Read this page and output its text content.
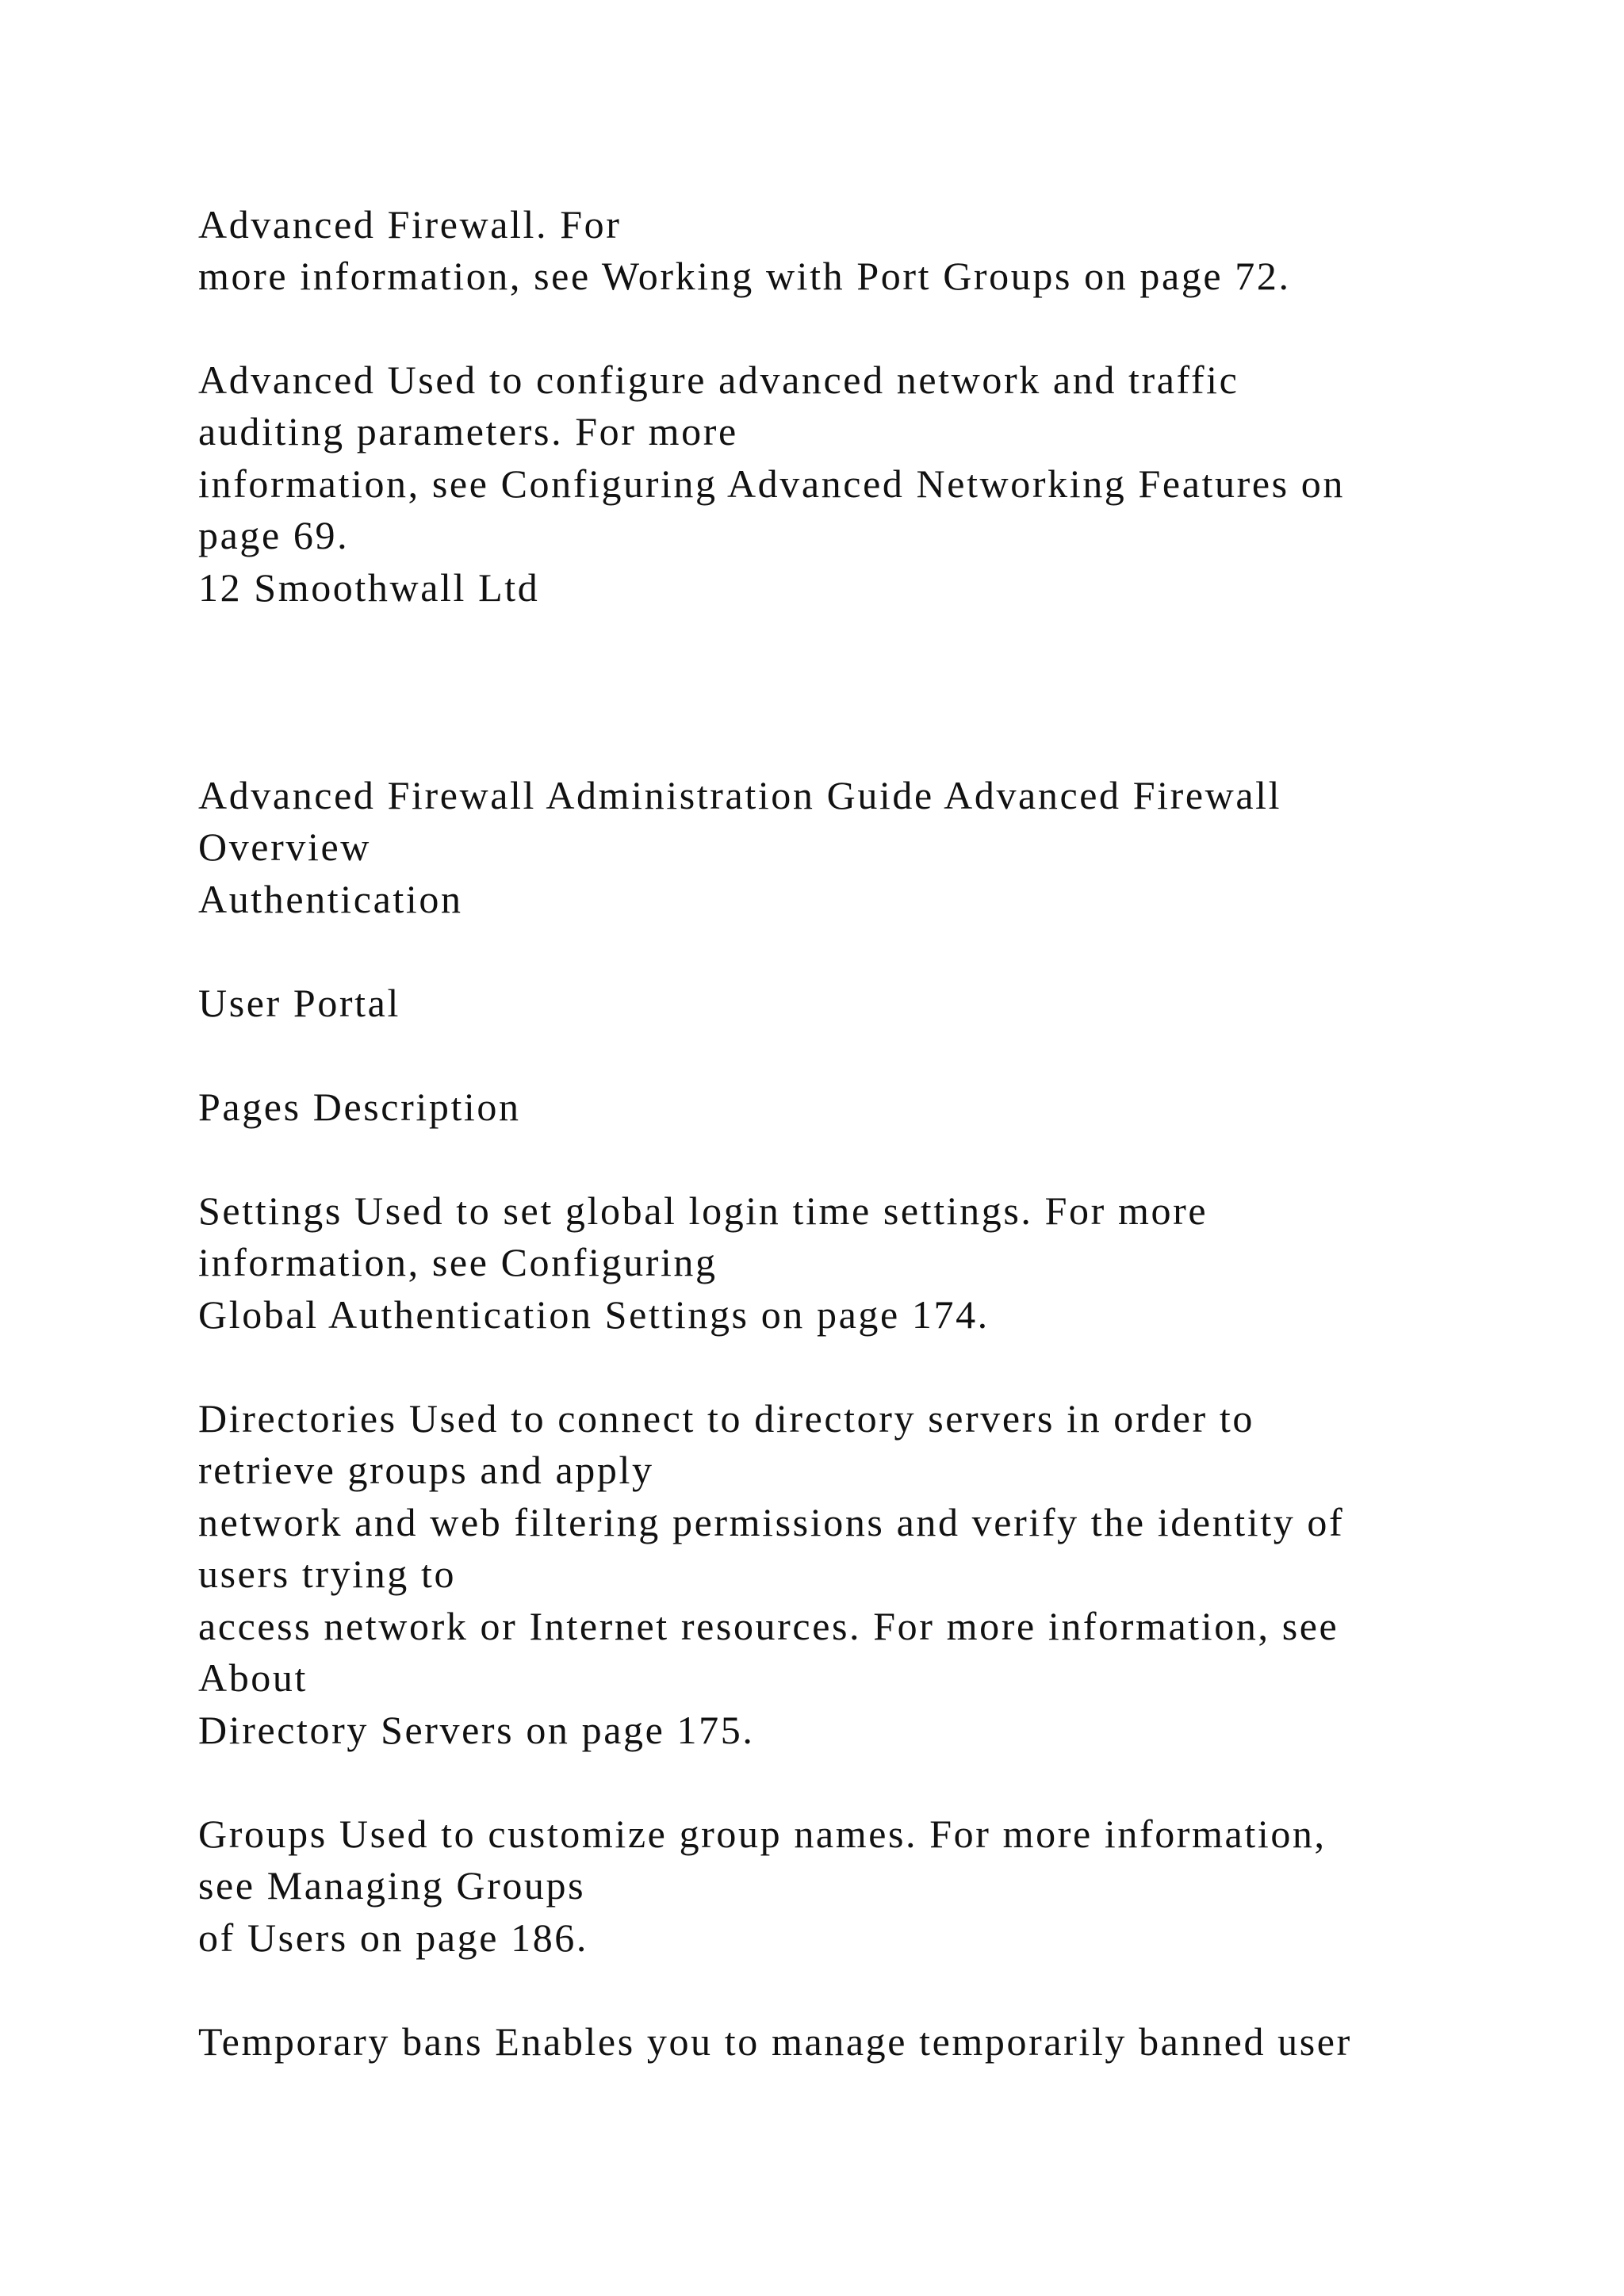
Advanced Firewall. For

more information, see Working with Port Groups on page 72.

Advanced Used to configure advanced network and traffic

auditing parameters. For more

information, see Configuring Advanced Networking Features on

page 69.

12 Smoothwall Ltd

Advanced Firewall Administration Guide Advanced Firewall

Overview

Authentication

User Portal

Pages Description

Settings Used to set global login time settings. For more

information, see Configuring

Global Authentication Settings on page 174.

Directories Used to connect to directory servers in order to

retrieve groups and apply

network and web filtering permissions and verify the identity of

users trying to

access network or Internet resources. For more information, see

About

Directory Servers on page 175.

Groups Used to customize group names. For more information,

see Managing Groups

of Users on page 186.

Temporary bans Enables you to manage temporarily banned user
